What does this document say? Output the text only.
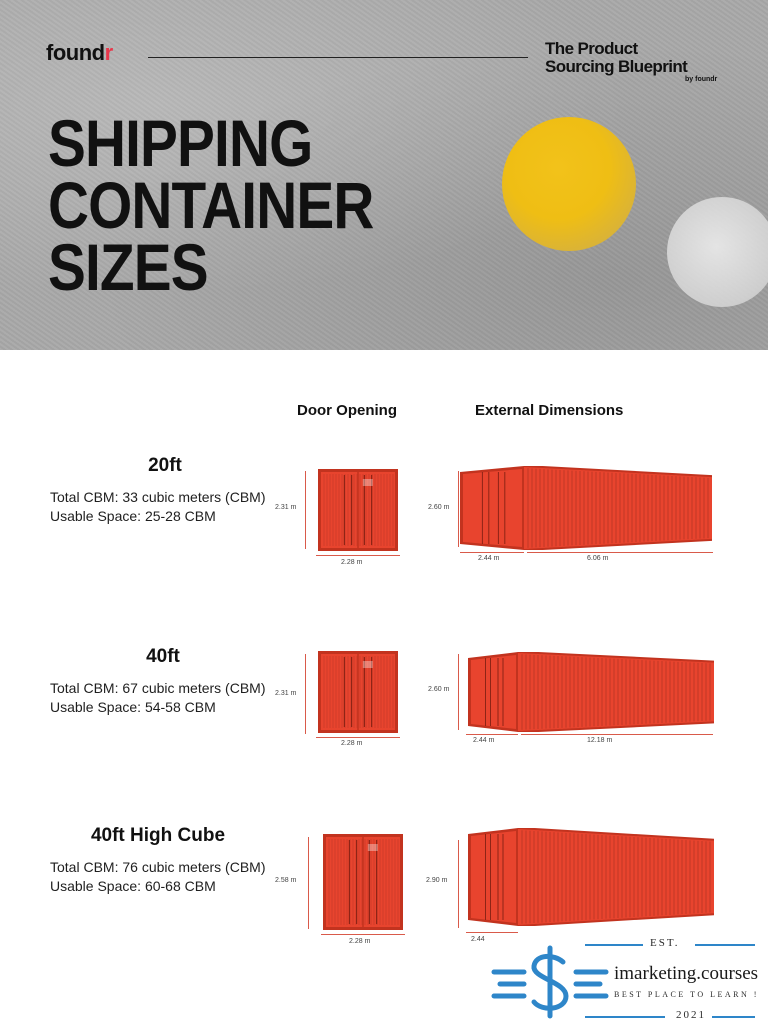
foundr	The Product
Sourcing Blueprint
by foundr
SHIPPING
CONTAINER
SIZES
Door Opening	External Dimensions
20ft
Total CBM: 33 cubic meters (CBM)
Usable Space: 25-28 CBM
2.31 m
2.28 m
2.60 m
2.44 m	6.06 m
40ft
Total CBM: 67 cubic meters (CBM)
Usable Space: 54-58 CBM
2.31 m
2.28 m
2.60 m
2.44 m	12.18 m
40ft High Cube
Total CBM: 76 cubic meters (CBM)
Usable Space: 60-68 CBM	2.58 m
2.28 m
2.90 m
2.44	EST.
imarketing.courses
BEST PLACE TO LEARN !
2021
